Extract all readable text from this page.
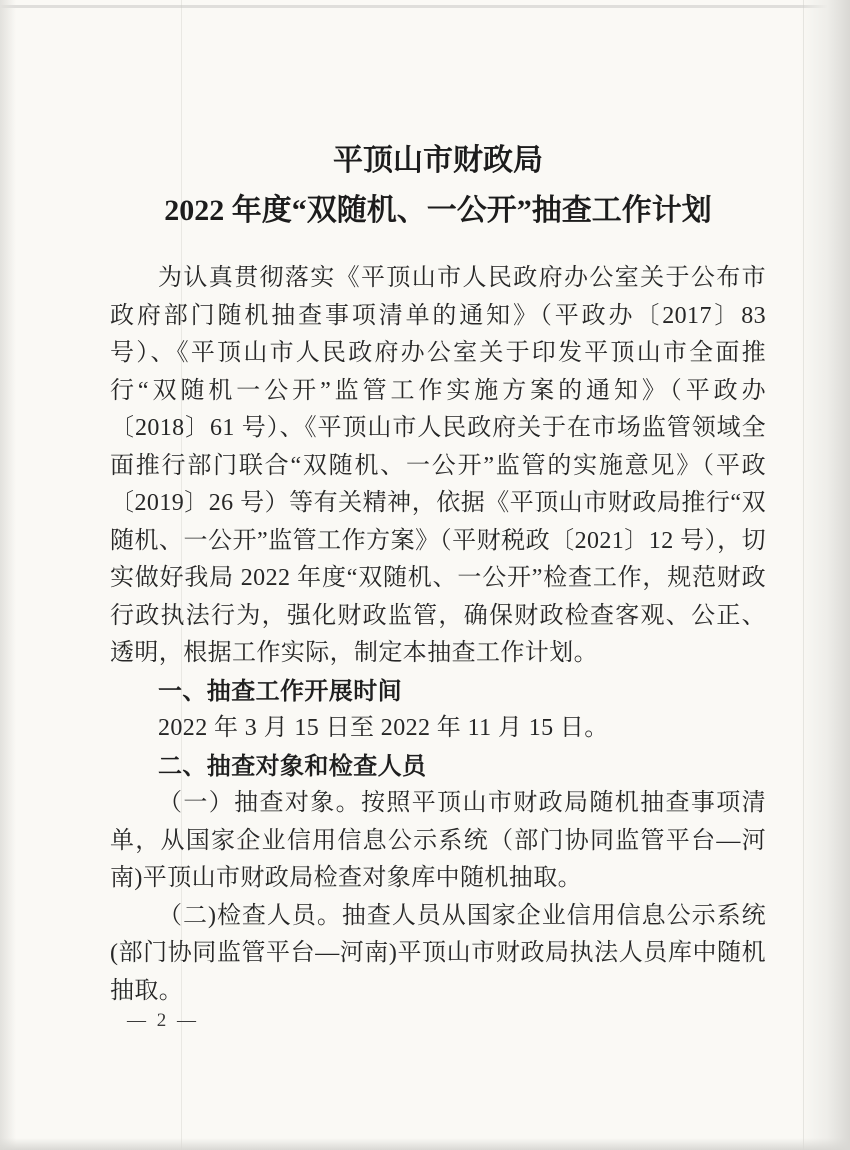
平顶山市财政局
2022 年度“双随机、一公开”抽查工作计划
为认真贯彻落实《平顶山市人民政府办公室关于公布市政府部门随机抽查事项清单的通知》（平政办〔2017〕83 号）、《平顶山市人民政府办公室关于印发平顶山市全面推行“双随机一公开”监管工作实施方案的通知》（平政办〔2018〕61 号）、《平顶山市人民政府关于在市场监管领域全面推行部门联合“双随机、一公开”监管的实施意见》（平政〔2019〕26 号）等有关精神，依据《平顶山市财政局推行“双随机、一公开”监管工作方案》（平财税政〔2021〕12 号），切实做好我局 2022 年度“双随机、一公开”检查工作，规范财政行政执法行为，强化财政监管，确保财政检查客观、公正、透明，根据工作实际，制定本抽查工作计划。
一、抽查工作开展时间
2022 年 3 月 15 日至 2022 年 11 月 15 日。
二、抽查对象和检查人员
（一）抽查对象。按照平顶山市财政局随机抽查事项清单，从国家企业信用信息公示系统（部门协同监管平台—河南)平顶山市财政局检查对象库中随机抽取。
（二)检查人员。抽查人员从国家企业信用信息公示系统(部门协同监管平台—河南)平顶山市财政局执法人员库中随机抽取。
— 2 —
